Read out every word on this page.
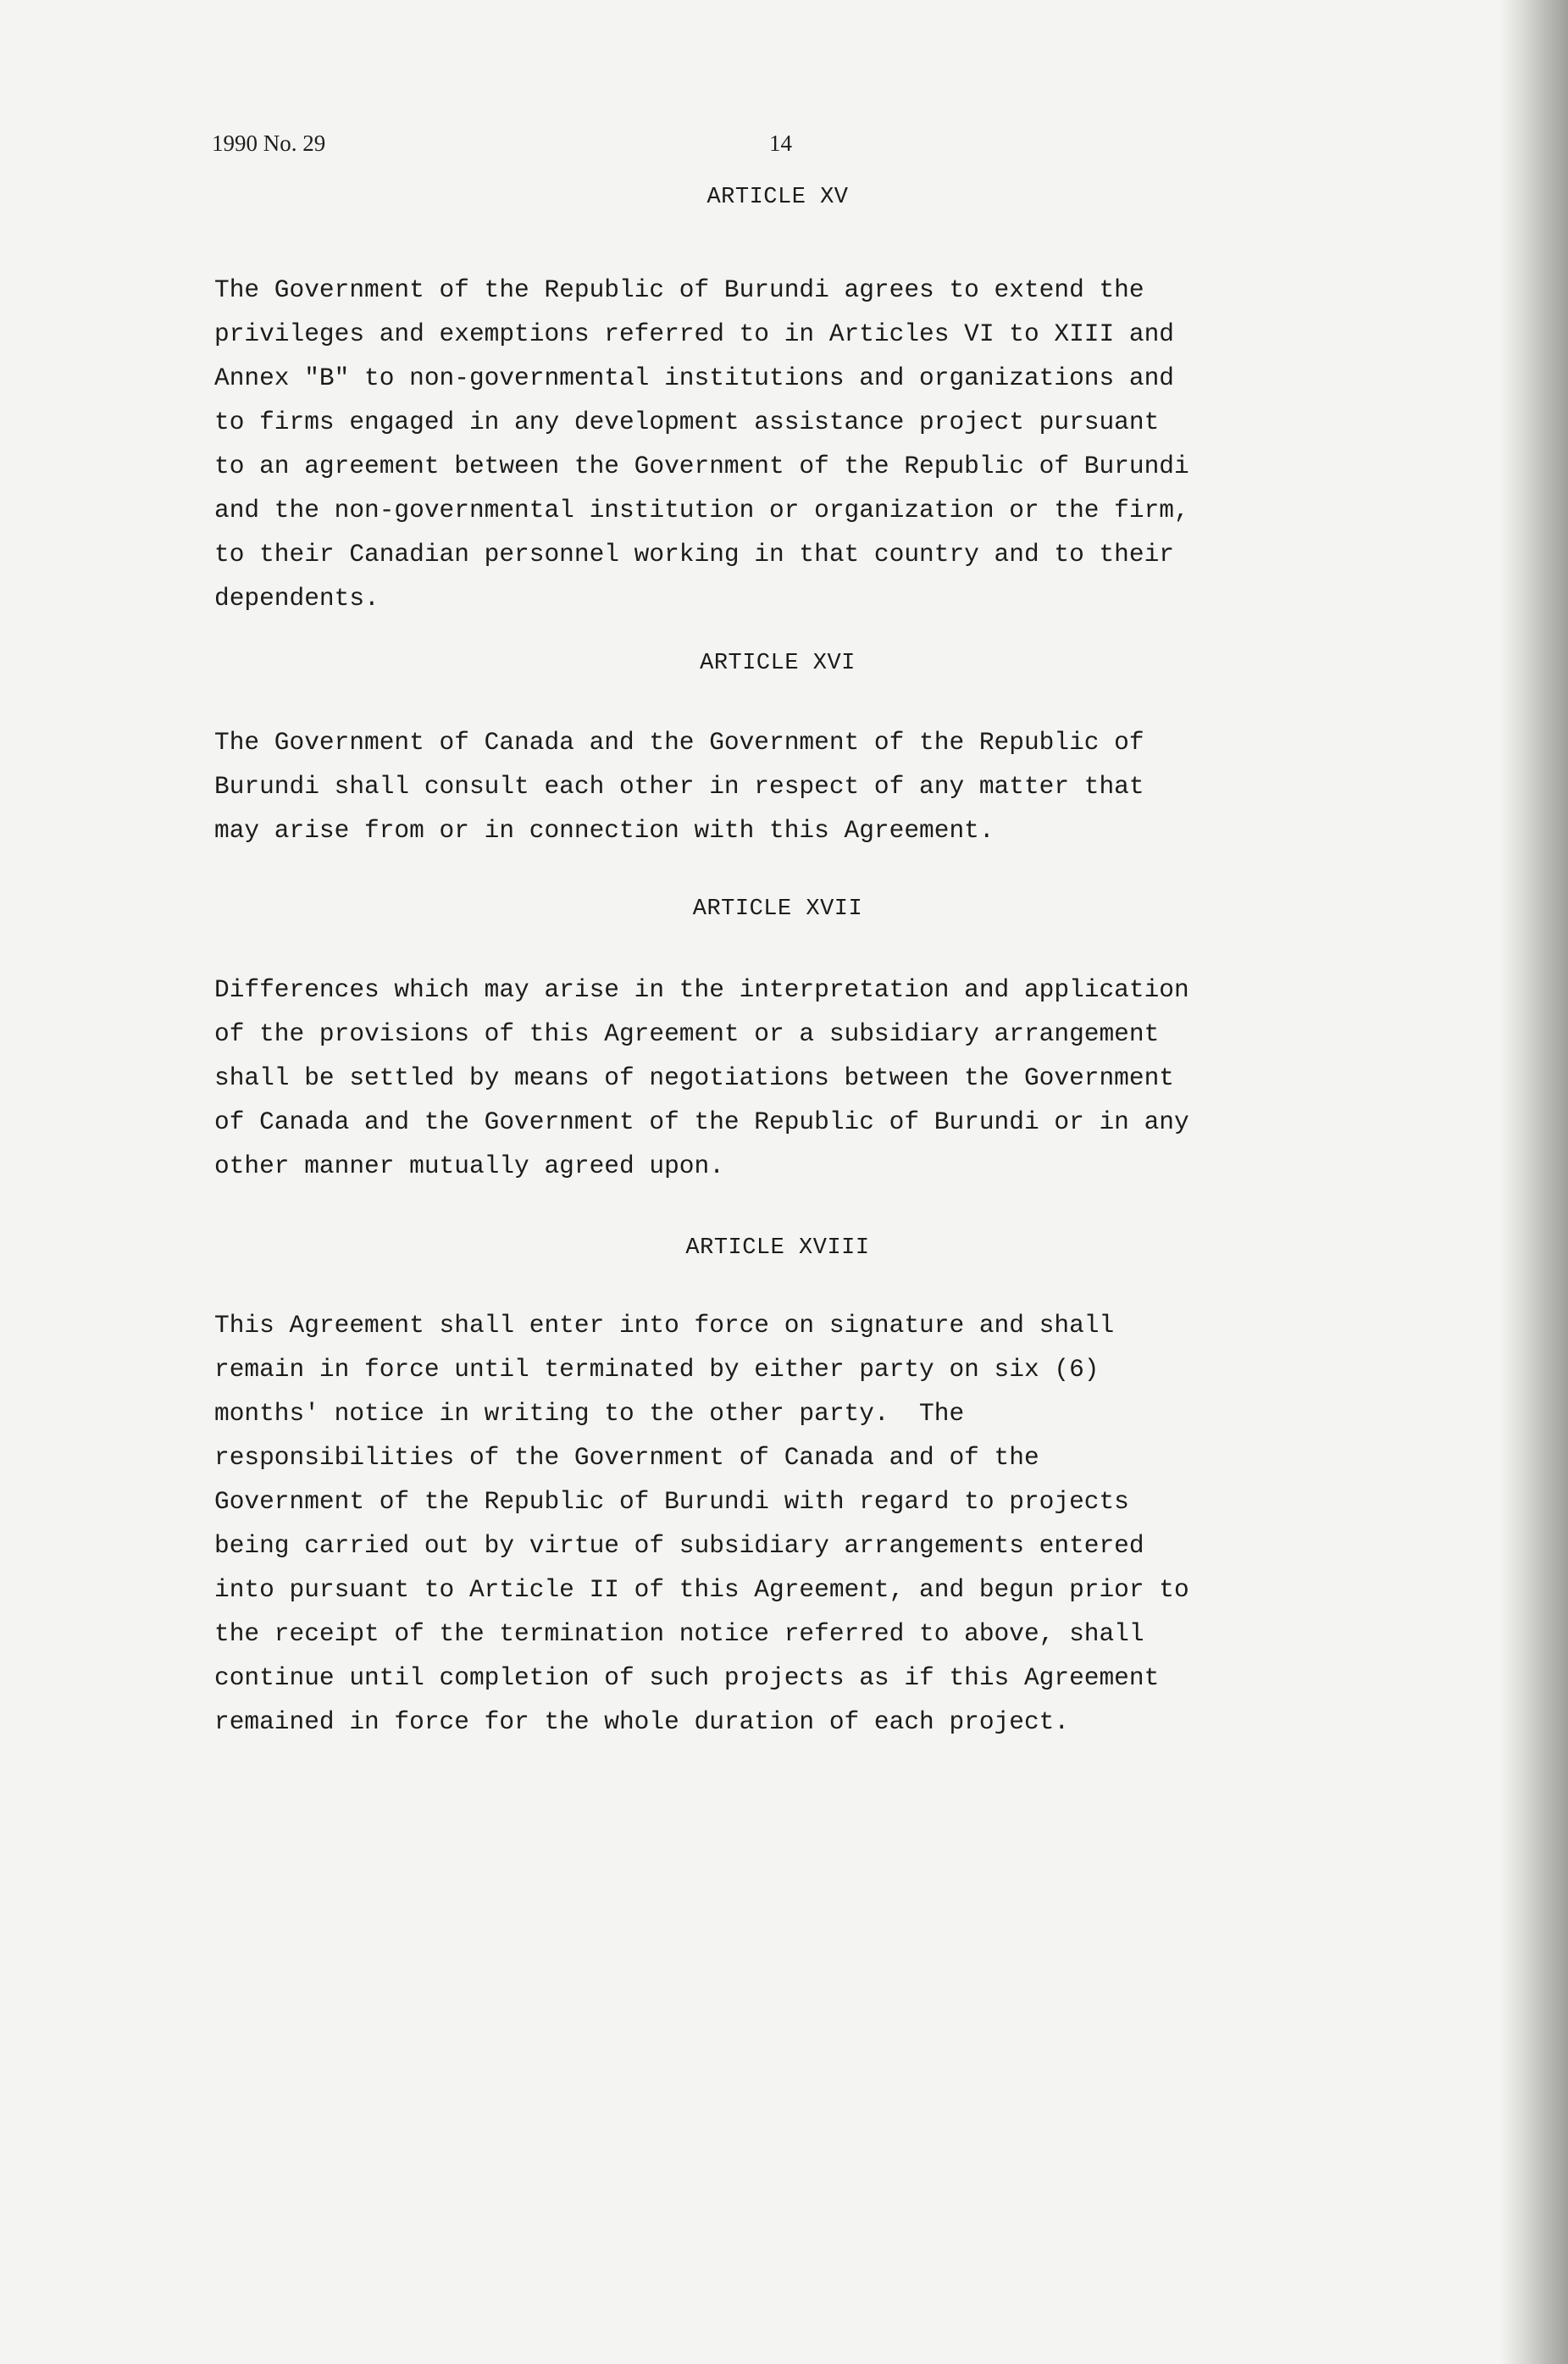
1990 No. 29	14
ARTICLE XV
The Government of the Republic of Burundi agrees to extend the
privileges and exemptions referred to in Articles VI to XIII and
Annex "B" to non-governmental institutions and organizations and
to firms engaged in any development assistance project pursuant
to an agreement between the Government of the Republic of Burundi
and the non-governmental institution or organization or the firm,
to their Canadian personnel working in that country and to their
dependents.
ARTICLE XVI
The Government of Canada and the Government of the Republic of
Burundi shall consult each other in respect of any matter that
may arise from or in connection with this Agreement.
ARTICLE XVII
Differences which may arise in the interpretation and application
of the provisions of this Agreement or a subsidiary arrangement
shall be settled by means of negotiations between the Government
of Canada and the Government of the Republic of Burundi or in any
other manner mutually agreed upon.
ARTICLE XVIII
This Agreement shall enter into force on signature and shall
remain in force until terminated by either party on six (6)
months' notice in writing to the other party.  The
responsibilities of the Government of Canada and of the
Government of the Republic of Burundi with regard to projects
being carried out by virtue of subsidiary arrangements entered
into pursuant to Article II of this Agreement, and begun prior to
the receipt of the termination notice referred to above, shall
continue until completion of such projects as if this Agreement
remained in force for the whole duration of each project.
